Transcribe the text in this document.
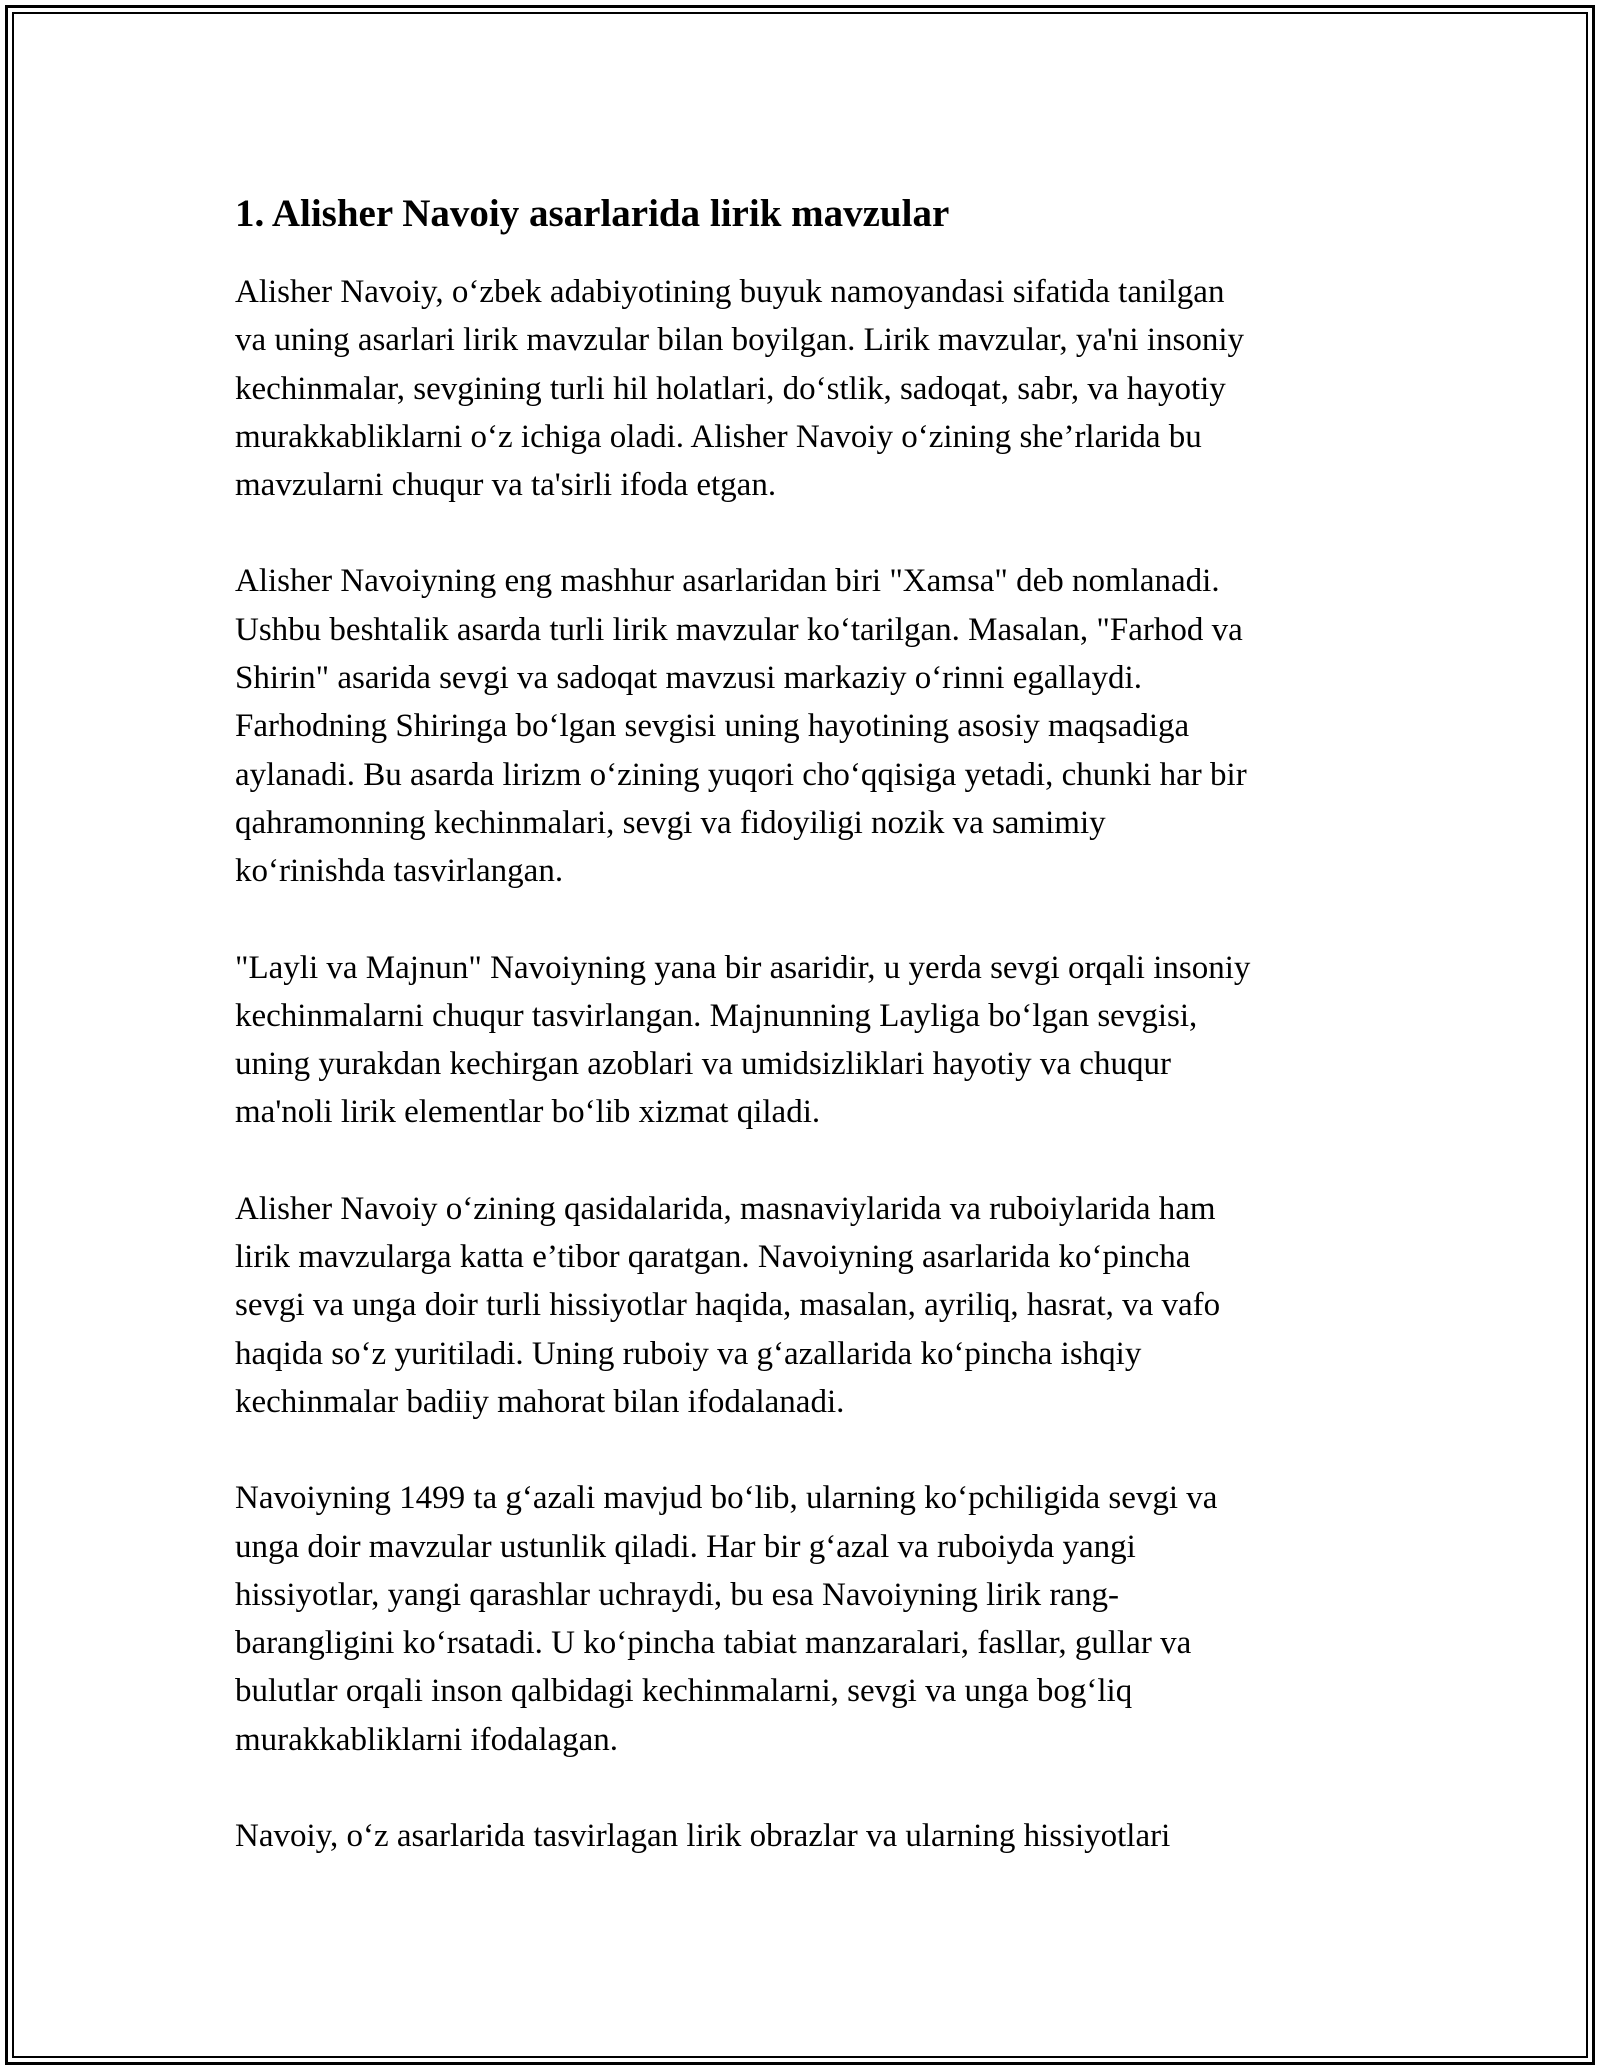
1. Alisher Navoiy asarlarida lirik mavzular
Alisher Navoiy, o‘zbek adabiyotining buyuk namoyandasi sifatida tanilgan
va uning asarlari lirik mavzular bilan boyilgan. Lirik mavzular, ya'ni insoniy
kechinmalar, sevgining turli hil holatlari, do‘stlik, sadoqat, sabr, va hayotiy
murakkabliklarni o‘z ichiga oladi. Alisher Navoiy o‘zining she’rlarida bu
mavzularni chuqur va ta'sirli ifoda etgan.
Alisher Navoiyning eng mashhur asarlaridan biri "Xamsa" deb nomlanadi.
Ushbu beshtalik asarda turli lirik mavzular ko‘tarilgan. Masalan, "Farhod va
Shirin" asarida sevgi va sadoqat mavzusi markaziy o‘rinni egallaydi.
Farhodning Shiringa bo‘lgan sevgisi uning hayotining asosiy maqsadiga
aylanadi. Bu asarda lirizm o‘zining yuqori cho‘qqisiga yetadi, chunki har bir
qahramonning kechinmalari, sevgi va fidoyiligi nozik va samimiy
ko‘rinishda tasvirlangan.
"Layli va Majnun" Navoiyning yana bir asaridir, u yerda sevgi orqali insoniy
kechinmalarni chuqur tasvirlangan. Majnunning Layliga bo‘lgan sevgisi,
uning yurakdan kechirgan azoblari va umidsizliklari hayotiy va chuqur
ma'noli lirik elementlar bo‘lib xizmat qiladi.
Alisher Navoiy o‘zining qasidalarida, masnaviylarida va ruboiylarida ham
lirik mavzularga katta e’tibor qaratgan. Navoiyning asarlarida ko‘pincha
sevgi va unga doir turli hissiyotlar haqida, masalan, ayriliq, hasrat, va vafo
haqida so‘z yuritiladi. Uning ruboiy va g‘azallarida ko‘pincha ishqiy
kechinmalar badiiy mahorat bilan ifodalanadi.
Navoiyning 1499 ta g‘azali mavjud bo‘lib, ularning ko‘pchiligida sevgi va
unga doir mavzular ustunlik qiladi. Har bir g‘azal va ruboiyda yangi
hissiyotlar, yangi qarashlar uchraydi, bu esa Navoiyning lirik rang-
barangligini ko‘rsatadi. U ko‘pincha tabiat manzaralari, fasllar, gullar va
bulutlar orqali inson qalbidagi kechinmalarni, sevgi va unga bog‘liq
murakkabliklarni ifodalagan.
Navoiy, o‘z asarlarida tasvirlagan lirik obrazlar va ularning hissiyotlari
